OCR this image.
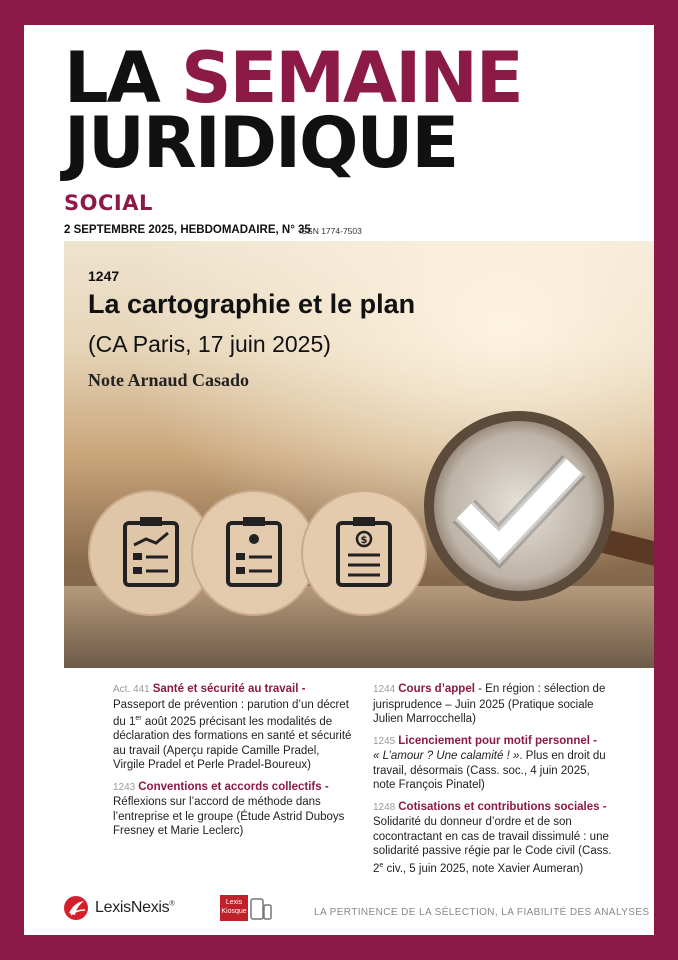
LA SEMAINE
JURIDIQUE
SOCIAL
2 SEPTEMBRE 2025, HEBDOMADAIRE, N° 35
ISSN 1774-7503
$
1247
La cartographie et le plan
(CA Paris, 17 juin 2025)
Note Arnaud Casado
Act. 441 Santé et sécurité au travail -
Passeport de prévention : parution d’un décret du 1er août 2025 précisant les modalités de déclaration des formations en santé et sécurité au travail (Aperçu rapide Camille Pradel, Virgile Pradel et Perle Pradel-Boureux)
1243 Conventions et accords collectifs -
Réflexions sur l’accord de méthode dans l’entreprise et le groupe (Étude Astrid Duboys Fresney et Marie Leclerc)
1244 Cours d’appel - En région : sélection de jurisprudence – Juin 2025 (Pratique sociale Julien Marrocchella)
1245 Licenciement pour motif personnel -
« L’amour ? Une calamité ! ». Plus en droit du travail, désormais (Cass. soc., 4 juin 2025, note François Pinatel)
1248 Cotisations et contributions sociales -
Solidarité du donneur d’ordre et de son cocontractant en cas de travail dissimulé : une solidarité passive régie par le Code civil (Cass. 2e civ., 5 juin 2025, note Xavier Aumeran)
LexisNexis®	Lexis
Kiosque	LA PERTINENCE DE LA SÉLECTION, LA FIABILITÉ DES ANALYSES
